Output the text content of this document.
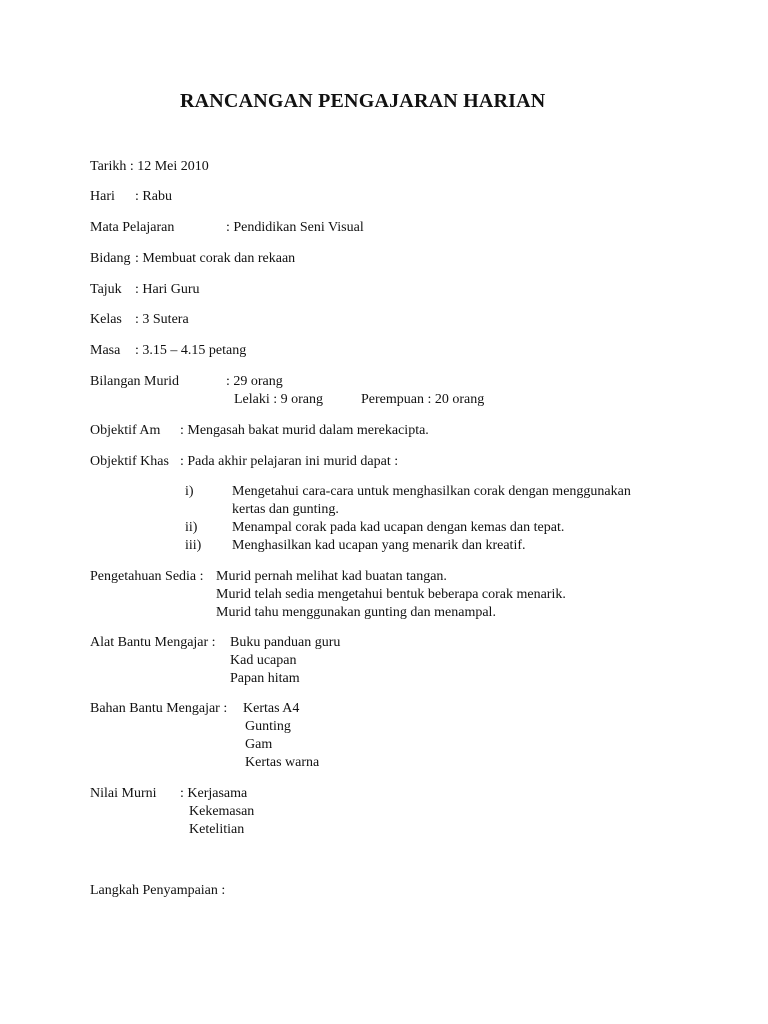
RANCANGAN PENGAJARAN HARIAN
Tarikh : 12 Mei 2010
Hari : Rabu
Mata Pelajaran	: Pendidikan Seni Visual
Bidang : Membuat corak dan rekaan
Tajuk : Hari Guru
Kelas : 3 Sutera
Masa : 3.15 – 4.15 petang
Bilangan Murid	: 29 orang
Lelaki : 9 orang	Perempuan : 20 orang
Objektif Am : Mengasah bakat murid dalam merekacipta.
Objektif Khas : Pada akhir pelajaran ini murid dapat :
i)	Mengetahui cara-cara untuk menghasilkan corak dengan menggunakan
kertas dan gunting.
ii) Menampal corak pada kad ucapan dengan kemas dan tepat.
iii) Menghasilkan kad ucapan yang menarik dan kreatif.
Pengetahuan Sedia : Murid pernah melihat kad buatan tangan.
Murid telah sedia mengetahui bentuk beberapa corak menarik.
Murid tahu menggunakan gunting dan menampal.
Alat Bantu Mengajar : Buku panduan guru
Kad ucapan
Papan hitam
Bahan Bantu Mengajar : Kertas A4
Gunting
Gam
Kertas warna
Nilai Murni : Kerjasama
Kekemasan
Ketelitian
Langkah Penyampaian :
